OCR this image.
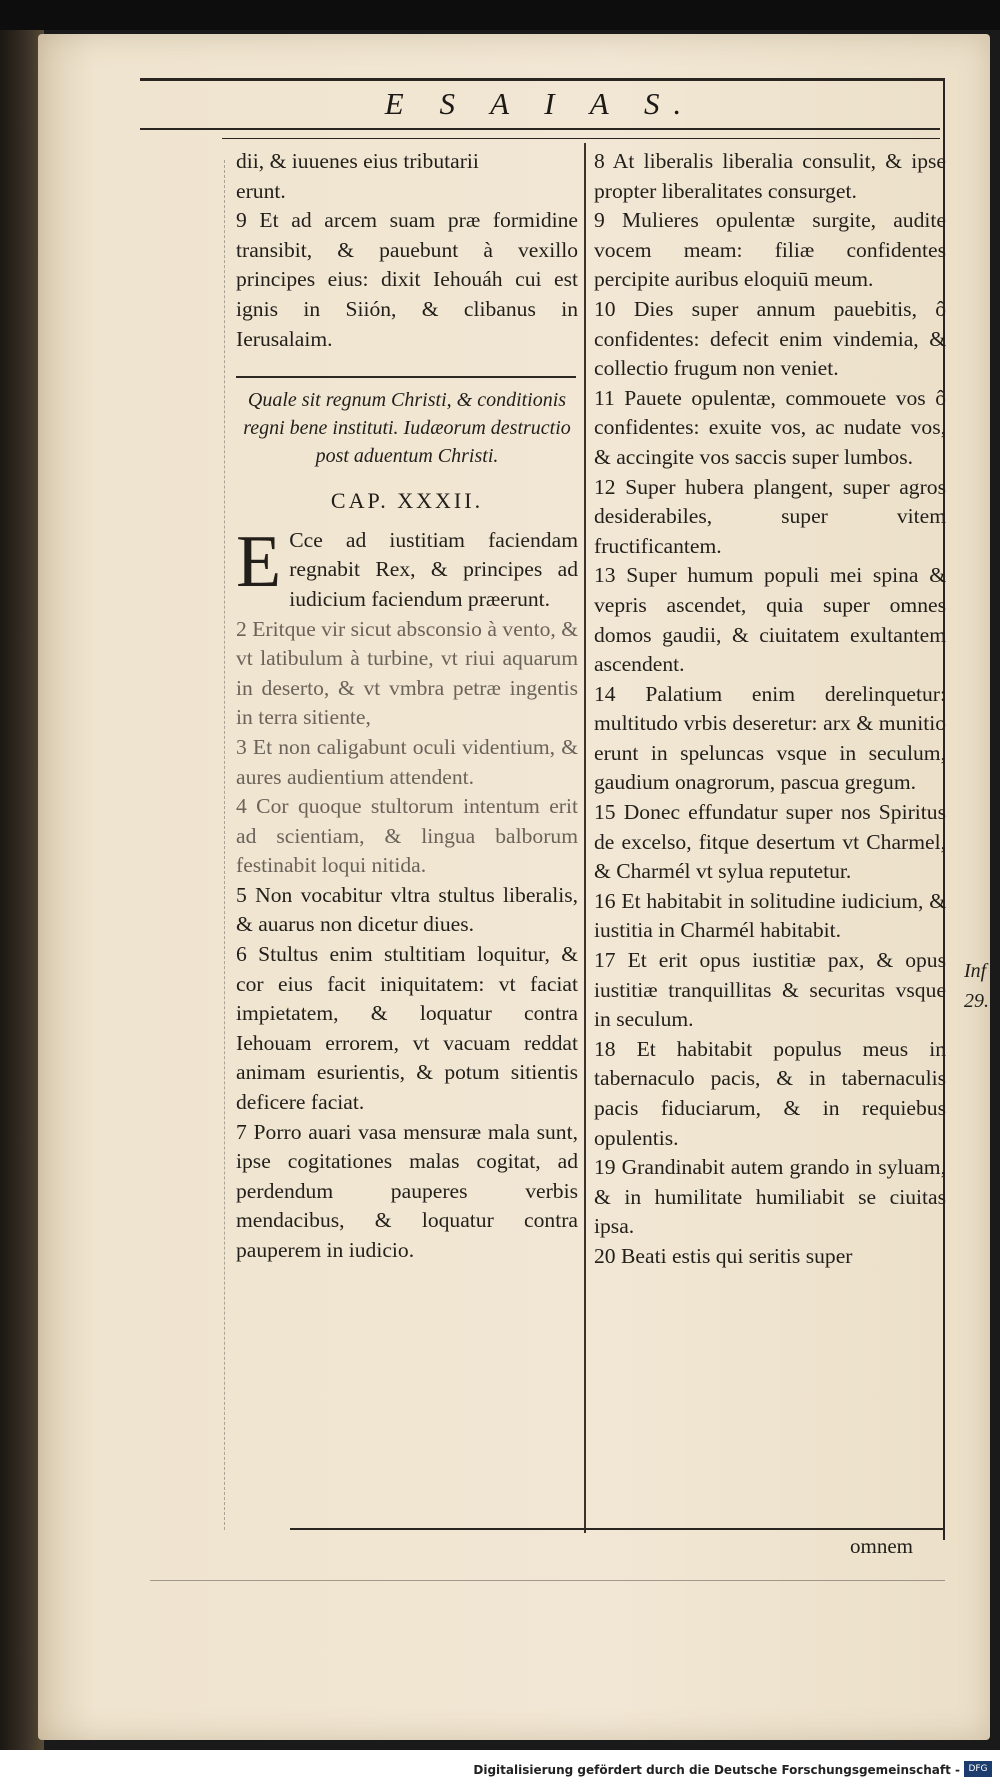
E S A I A S.

dii, & iuuenes eius tributarii

erunt.

9 Et ad arcem suam præ formidine transibit, & pauebunt à vexillo principes eius: dixit Iehouáh cui est ignis in Siión, & clibanus in Ierusalaim.

Quale sit regnum Christi, & conditionis regni bene instituti. Iudæorum destructio post aduentum Christi.

CAP. XXXII.

E Cce ad iustitiam faciendam regnabit Rex, & principes ad iudicium faciendum præerunt.

2 Eritque vir sicut absconsio à vento, & vt latibulum à turbine, vt riui aquarum in deserto, & vt vmbra petræ ingentis in terra sitiente,

3 Et non caligabunt oculi videntium, & aures audientium attendent.

4 Cor quoque stultorum intentum erit ad scientiam, & lingua balborum festinabit loqui nitida.

5 Non vocabitur vltra stultus liberalis, & auarus non dicetur diues.

6 Stultus enim stultitiam loquitur, & cor eius facit iniquitatem: vt faciat impietatem, & loquatur contra Iehouam errorem, vt vacuam reddat animam esurientis, & potum sitientis deficere faciat.

7 Porro auari vasa mensuræ mala sunt, ipse cogitationes malas cogitat, ad perdendum pauperes verbis mendacibus, & loquatur contra pauperem in iudicio.

8 At liberalis liberalia consulit, & ipse propter liberalitates consurget.

9 Mulieres opulentæ surgite, audite vocem meam: filiæ confidentes percipite auribus eloquiū meum.

10 Dies super annum pauebitis, ô confidentes: defecit enim vindemia, & collectio frugum non veniet.

11 Pauete opulentæ, commouete vos ô confidentes: exuite vos, ac nudate vos, & accingite vos saccis super lumbos.

12 Super hubera plangent, super agros desiderabiles, super vitem fructificantem.

13 Super humum populi mei spina & vepris ascendet, quia super omnes domos gaudii, & ciuitatem exultantem ascendent.

14 Palatium enim derelinquetur: multitudo vrbis deseretur: arx & munitio erunt in speluncas vsque in seculum, gaudium onagrorum, pascua gregum.

15 Donec effundatur super nos Spiritus de excelso, fitque desertum vt Charmel, & Charmél vt sylua reputetur.

16 Et habitabit in solitudine iudicium, & iustitia in Charmél habitabit.

17 Et erit opus iustitiæ pax, & opus iustitiæ tranquillitas & securitas vsque in seculum.

18 Et habitabit populus meus in tabernaculo pacis, & in tabernaculis pacis fiduciarum, & in requiebus opulentis.

19 Grandinabit autem grando in syluam, & in humilitate humiliabit se ciuitas ipsa.

20 Beati estis qui seritis super

omnem
Inf
29.
Digitalisierung gefördert durch die Deutsche Forschungsgemeinschaft - DFG
